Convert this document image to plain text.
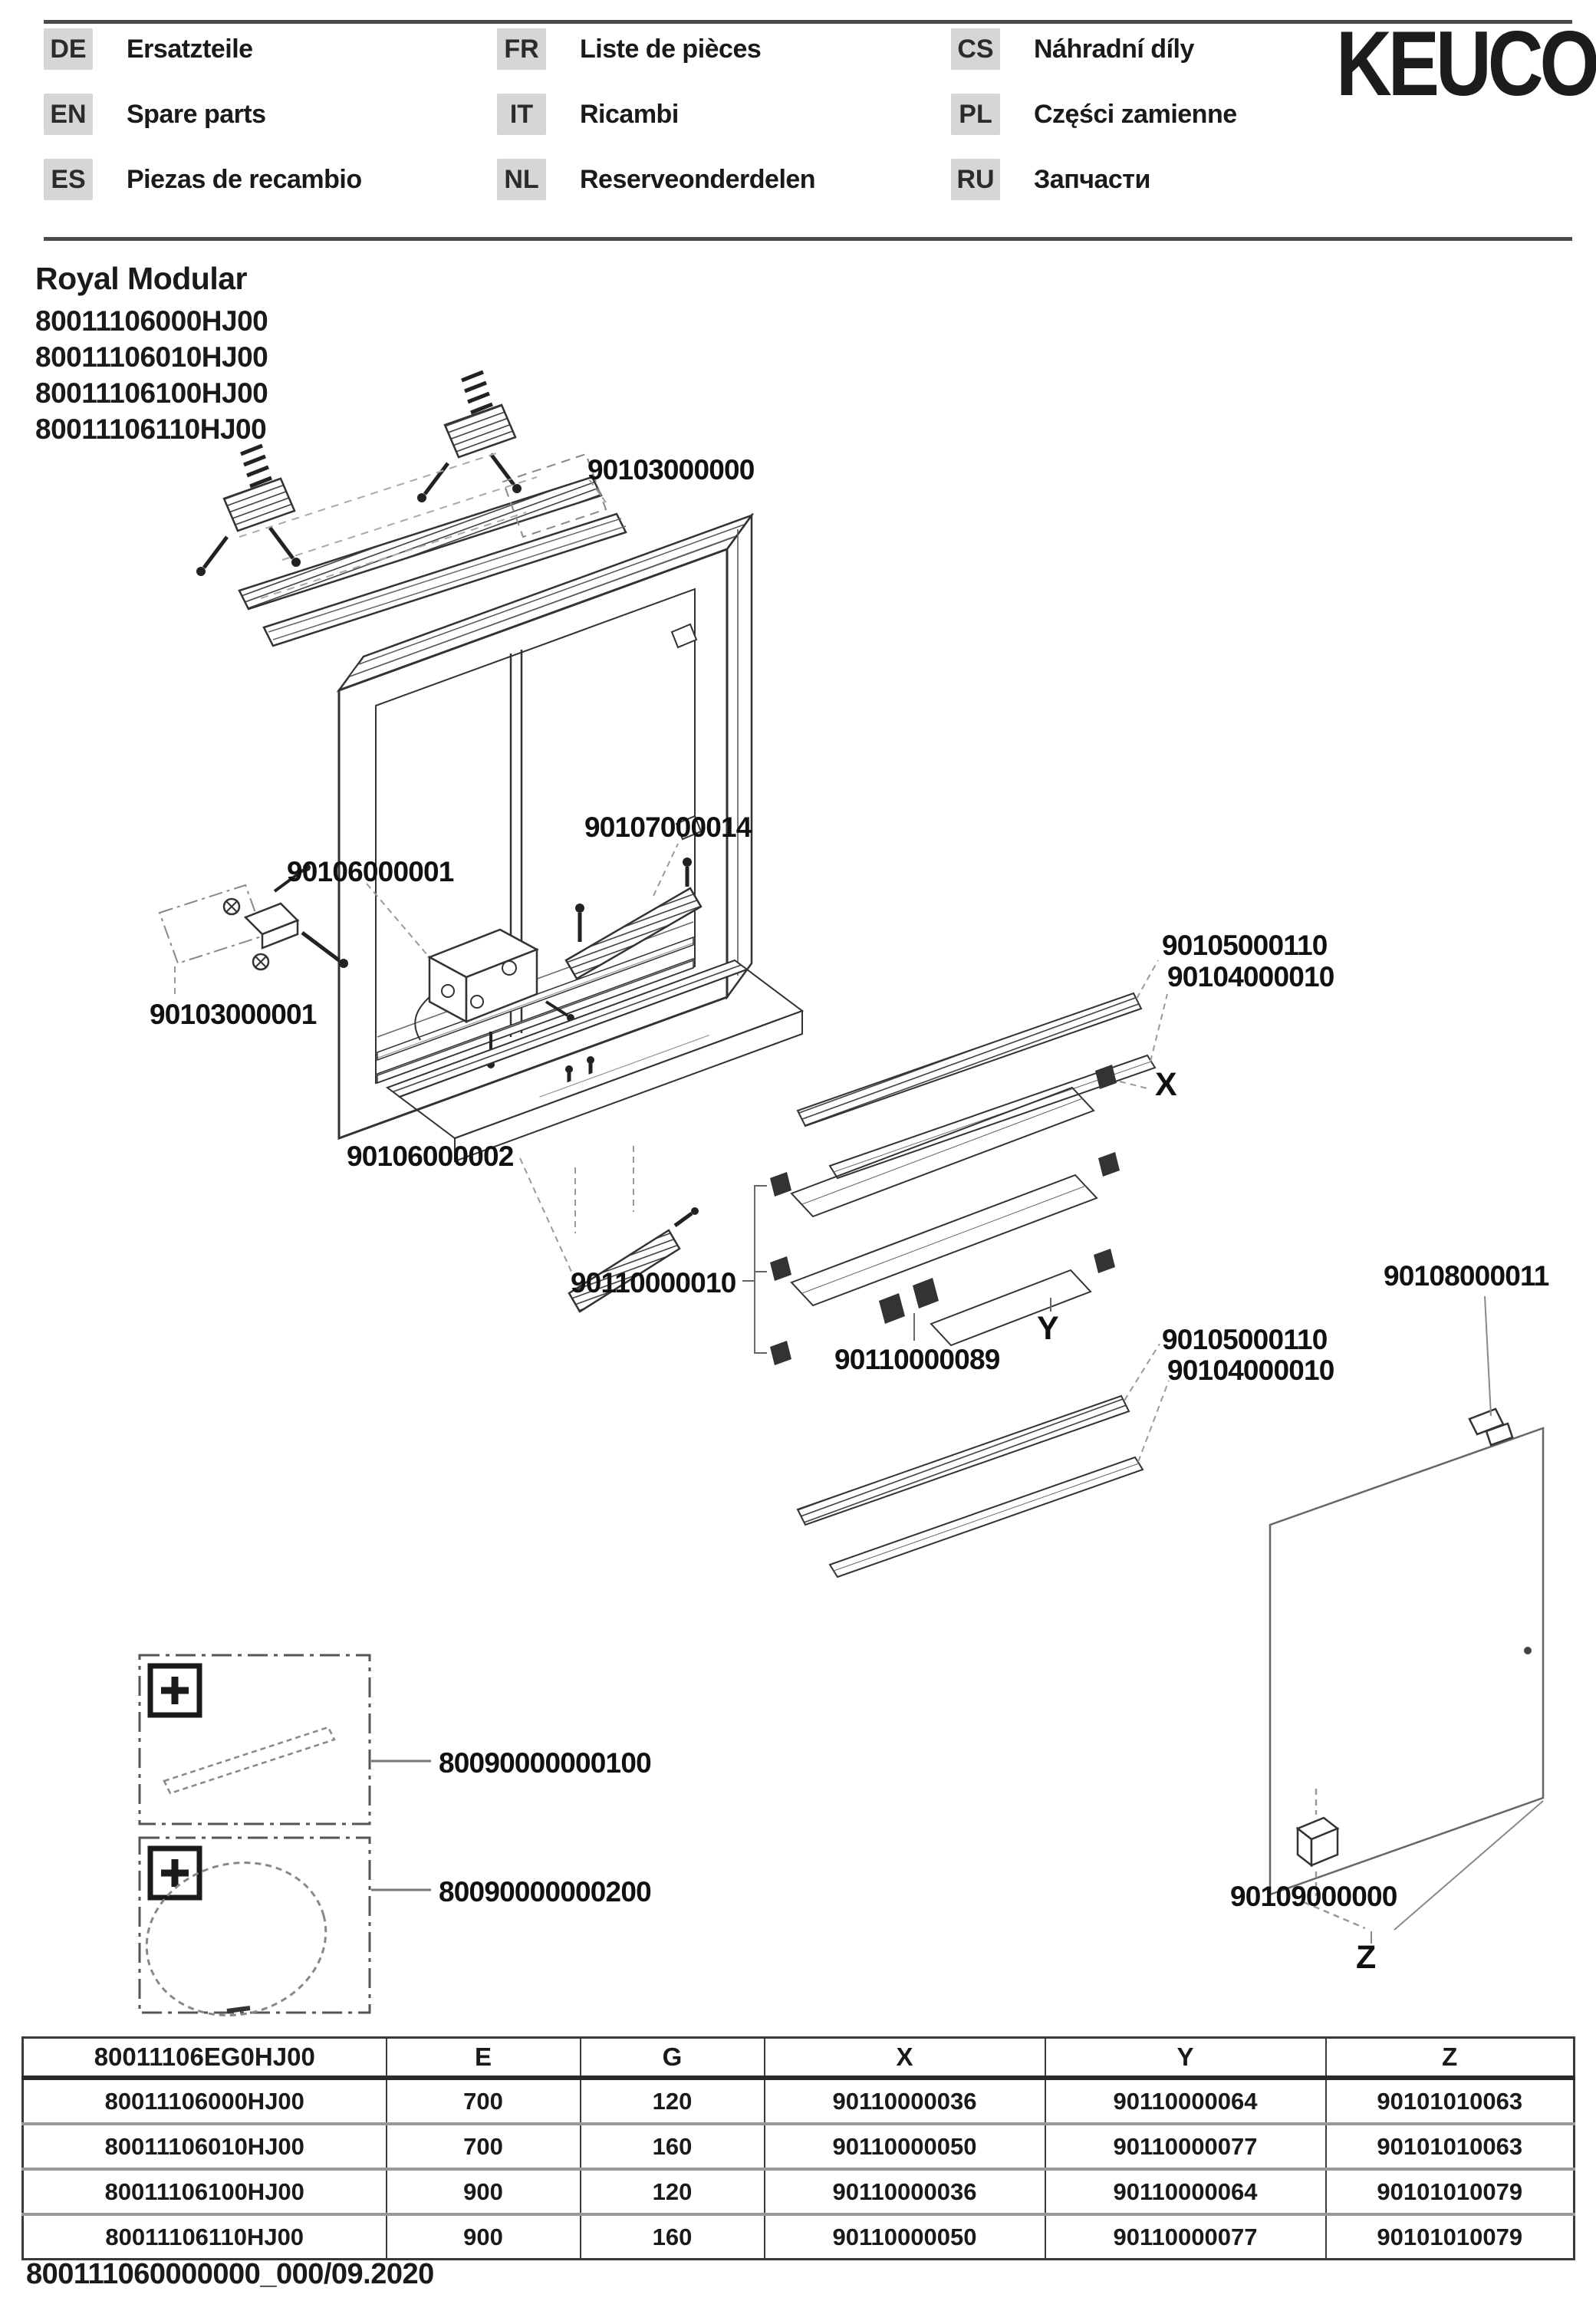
DE Ersatzteile
EN Spare parts
ES Piezas de recambio
FR Liste de pièces
IT	Ricambi
NL Reserveonderdelen
CS Náhradní díly
PL	Części zamienne
RU Запчасти
KEUCO
Royal Modular
80011106000HJ00
80011106010HJ00
80011106100HJ00
80011106110HJ00
90103000000
90107000014
90106000001
90103000001
90106000002
90105000110
90104000010
90110000010
90110000089
90105000110
90104000010
90108000011
90109000000
80090000000100
80090000000200
X
Y
Z
80011106EG0HJ00	E	G	X	Y	Z
80011106000HJ00	700	120	90110000036	90110000064	90101010063
80011106010HJ00	700	160	90110000050	90110000077	90101010063
80011106100HJ00	900	120	90110000036	90110000064	90101010079
80011106110HJ00	900	160	90110000050	90110000077	90101010079
800111060000000_000/09.2020
